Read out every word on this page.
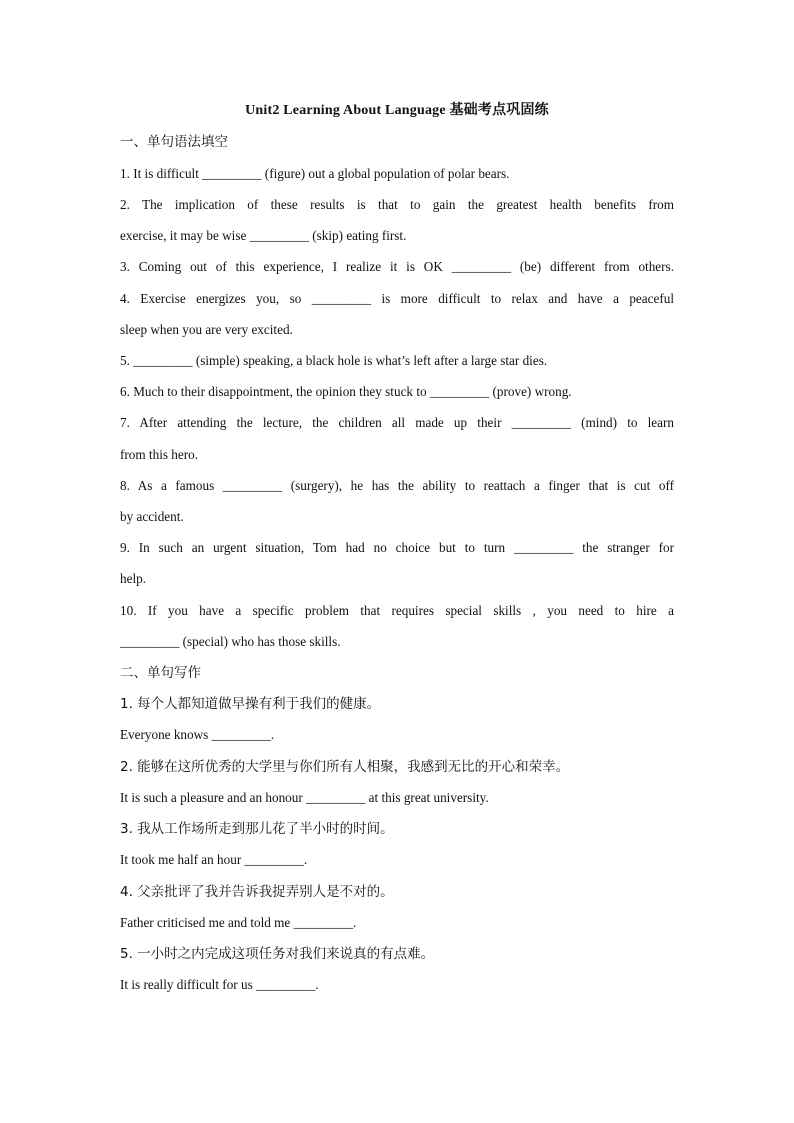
Unit2 Learning About Language 基础考点巩固练
一、单句语法填空
1. It is difficult _________ (figure) out a global population of polar bears.
2. The implication of these results is that to gain the greatest health benefits from
exercise, it may be wise _________ (skip) eating first.
3. Coming out of this experience, I realize it is OK _________ (be) different from others.
4. Exercise energizes you, so _________ is more difficult to relax and have a peaceful
sleep when you are very excited.
5. _________ (simple) speaking, a black hole is what’s left after a large star dies.
6. Much to their disappointment, the opinion they stuck to _________ (prove) wrong.
7. After attending the lecture, the children all made up their _________ (mind) to learn
from this hero.
8. As a famous _________ (surgery), he has the ability to reattach a finger that is cut off
by accident.
9. In such an urgent situation, Tom had no choice but to turn _________ the stranger for
help.
10. If you have a specific problem that requires special skills , you need to hire a
_________ (special) who has those skills.
二、单句写作
1. 每个人都知道做早操有利于我们的健康。
Everyone knows _________.
2. 能够在这所优秀的大学里与你们所有人相聚，我感到无比的开心和荣幸。
It is such a pleasure and an honour _________ at this great university.
3. 我从工作场所走到那儿花了半小时的时间。
It took me half an hour _________.
4. 父亲批评了我并告诉我捉弄别人是不对的。
Father criticised me and told me _________.
5. 一小时之内完成这项任务对我们来说真的有点难。
It is really difficult for us _________.
